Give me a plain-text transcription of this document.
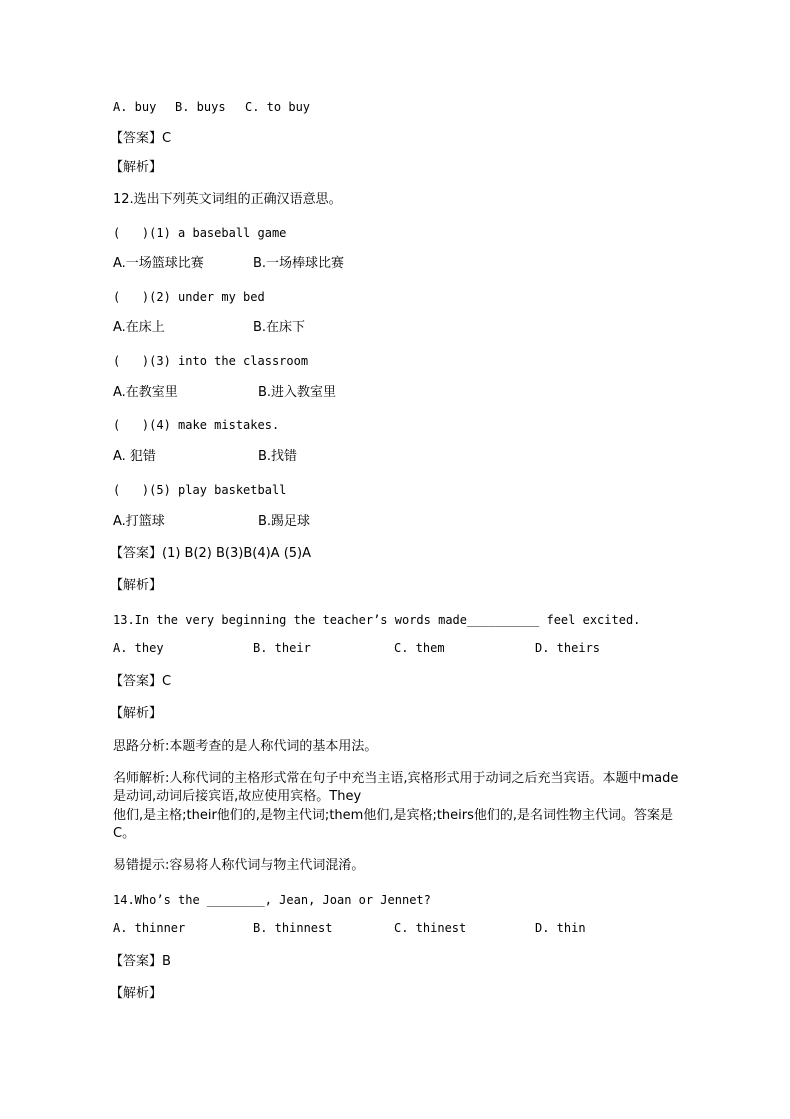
A. buy B. buys C. to buy
【答案】C
【解析】
12.选出下列英文词组的正确汉语意思。
(   )(1) a baseball game
A.一场篮球比赛	B.一场棒球比赛
(   )(2) under my bed
A.在床上	B.在床下
(   )(3) into the classroom
A.在教室里	B.进入教室里
(   )(4) make mistakes.
A. 犯错	B.找错
(   )(5) play basketball
A.打篮球	B.踢足球
【答案】(1) B(2) B(3)B(4)A (5)A
【解析】
13.In the very beginning the teacher’s words made__________ feel excited.
A. they	B. their	C. them	D. theirs
【答案】C
【解析】
思路分析:本题考查的是人称代词的基本用法。
名师解析:人称代词的主格形式常在句子中充当主语,宾格形式用于动词之后充当宾语。本题中made是动词,动词后接宾语,故应使用宾格。They
他们,是主格;their他们的,是物主代词;them他们,是宾格;theirs他们的,是名词性物主代词。答案是C。
易错提示:容易将人称代词与物主代词混淆。
14.Who’s the ________, Jean, Joan or Jennet?
A. thinner	B. thinnest	C. thinest	D. thin
【答案】B
【解析】
